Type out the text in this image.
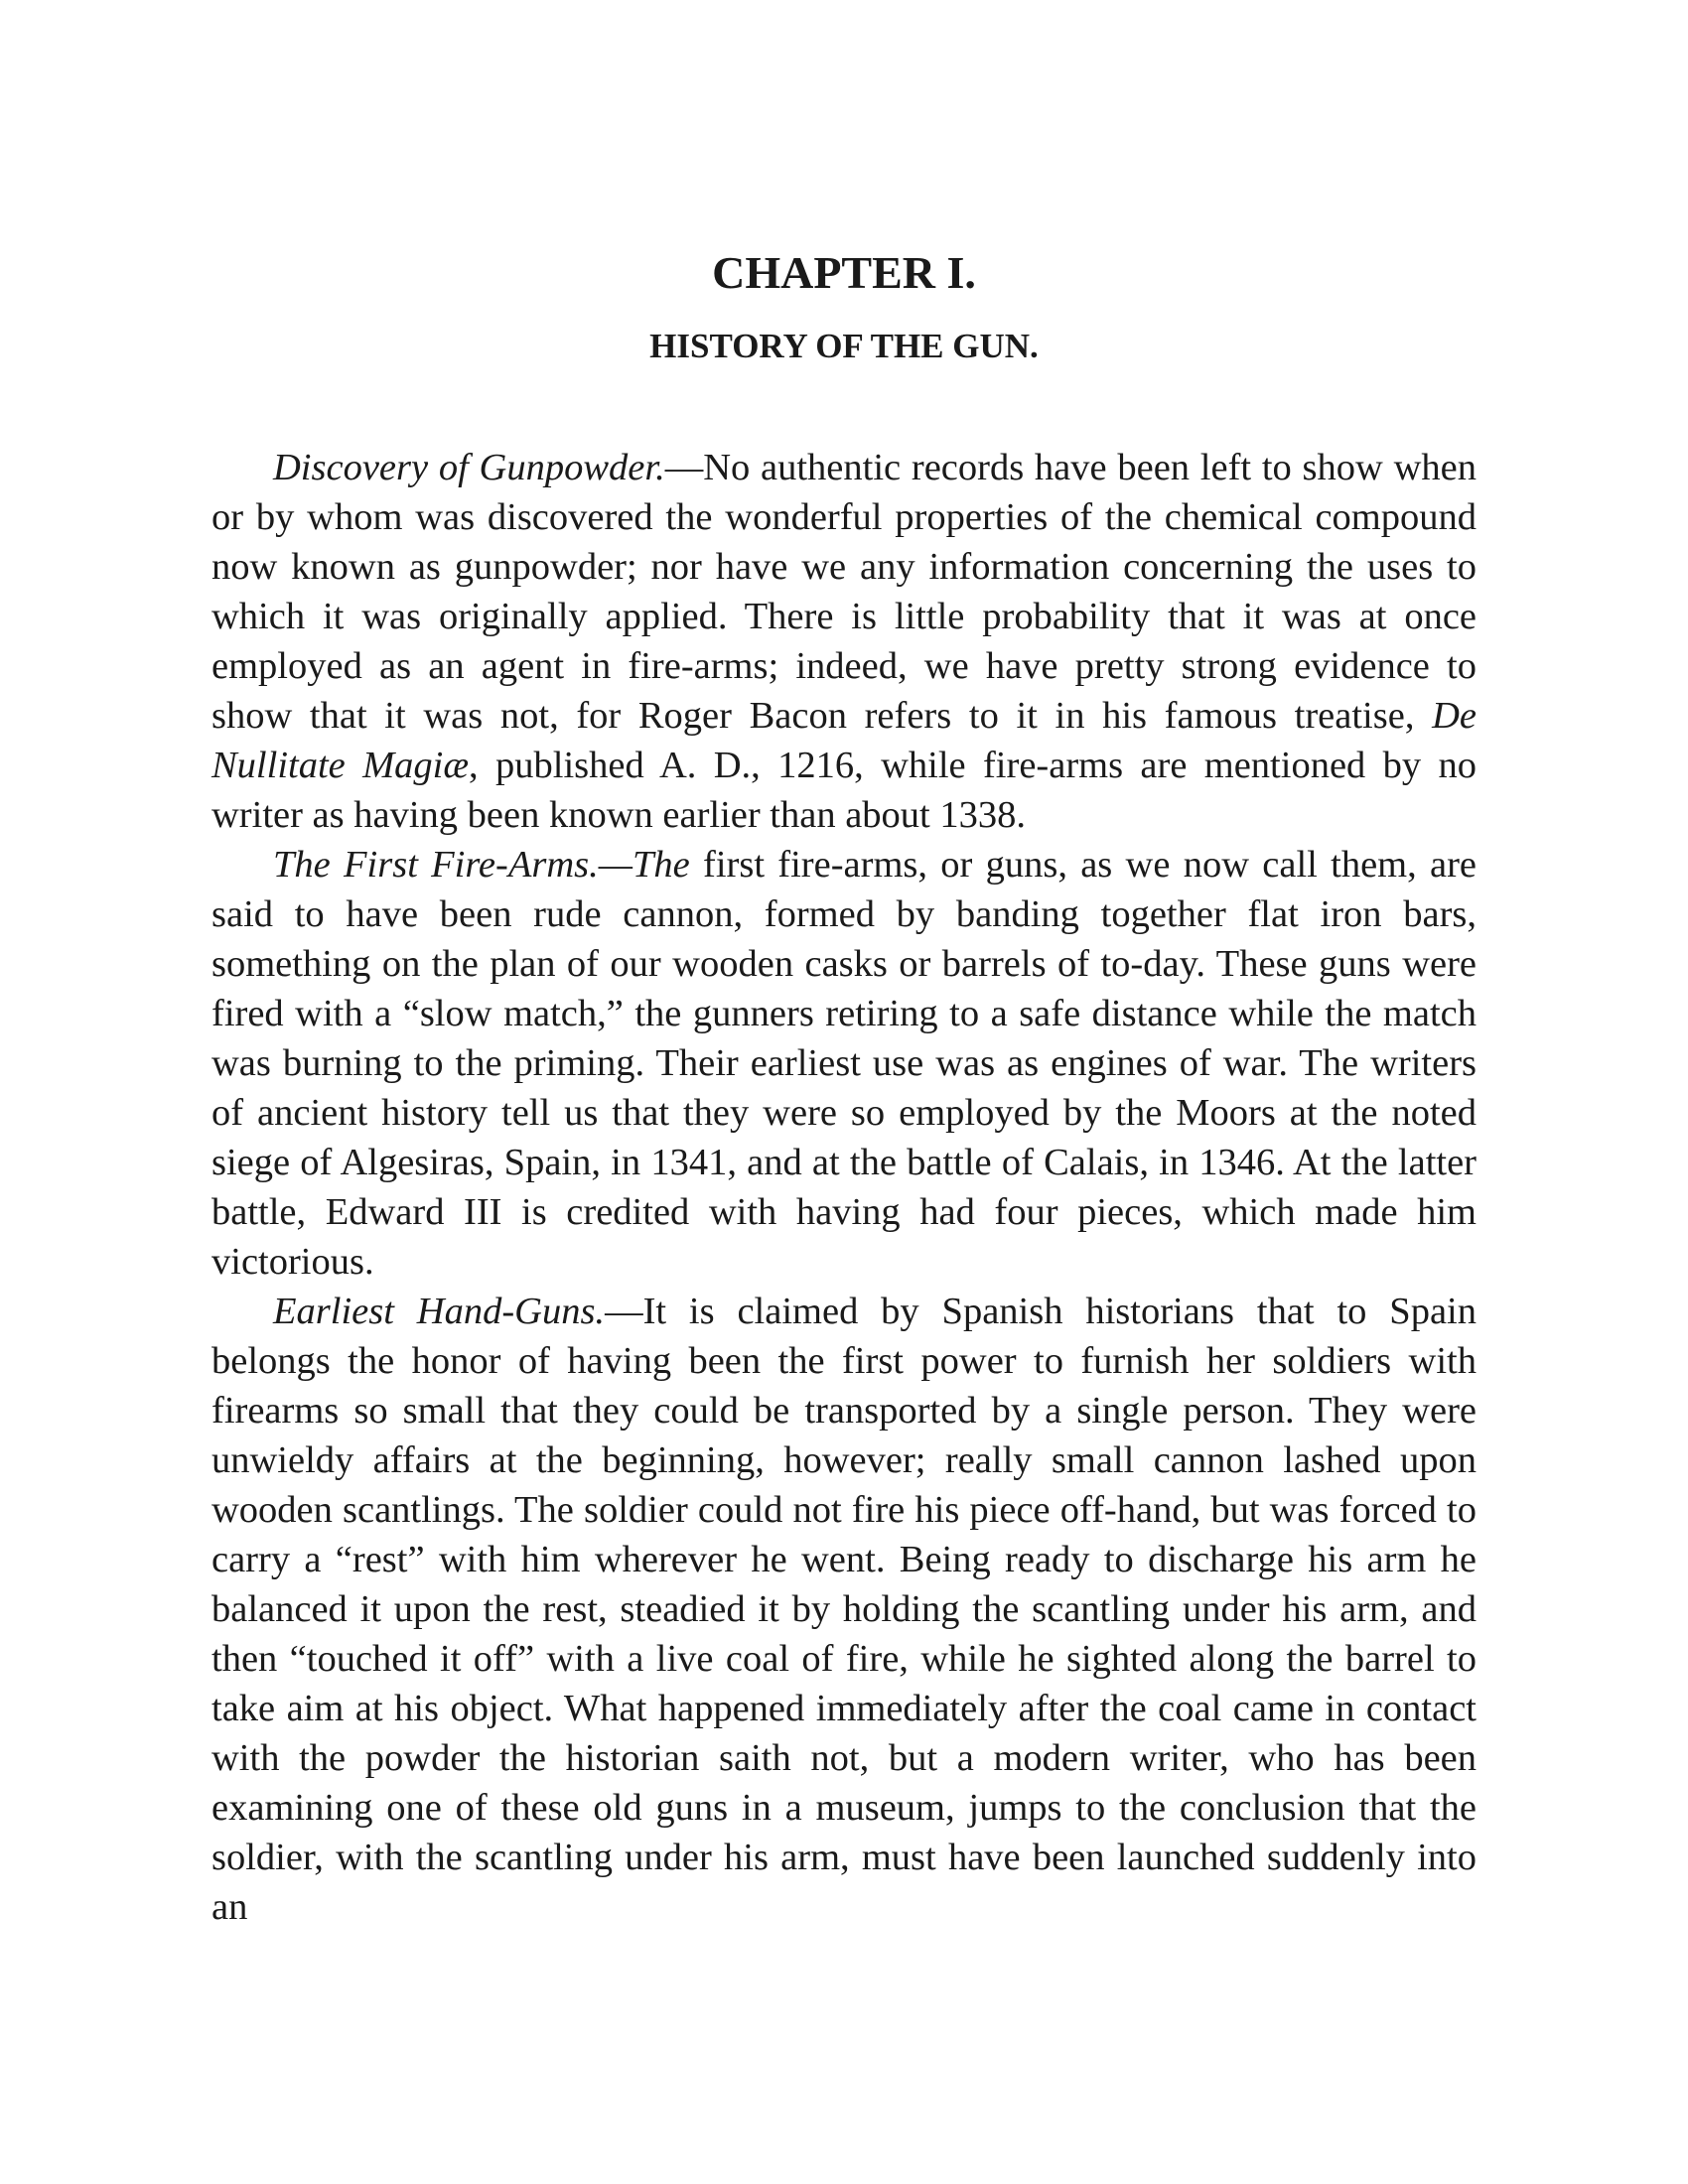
CHAPTER I.
HISTORY OF THE GUN.

Discovery of Gunpowder.—No authentic records have been left to show when or by whom was discovered the wonderful properties of the chemical compound now known as gunpowder; nor have we any information concerning the uses to which it was originally applied. There is little probability that it was at once employed as an agent in fire-arms; indeed, we have pretty strong evidence to show that it was not, for Roger Bacon refers to it in his famous treatise, De Nullitate Magiæ, published A. D., 1216, while fire-arms are mentioned by no writer as having been known earlier than about 1338.

The First Fire-Arms.—The first fire-arms, or guns, as we now call them, are said to have been rude cannon, formed by banding together flat iron bars, something on the plan of our wooden casks or barrels of to-day. These guns were fired with a “slow match,” the gunners retiring to a safe distance while the match was burning to the priming. Their earliest use was as engines of war. The writers of ancient history tell us that they were so employed by the Moors at the noted siege of Algesiras, Spain, in 1341, and at the battle of Calais, in 1346. At the latter battle, Edward III is credited with having had four pieces, which made him victorious.

Earliest Hand-Guns.—It is claimed by Spanish historians that to Spain belongs the honor of having been the first power to furnish her soldiers with firearms so small that they could be transported by a single person. They were unwieldy affairs at the beginning, however; really small cannon lashed upon wooden scantlings. The soldier could not fire his piece off-hand, but was forced to carry a “rest” with him wherever he went. Being ready to discharge his arm he balanced it upon the rest, steadied it by holding the scantling under his arm, and then “touched it off” with a live coal of fire, while he sighted along the barrel to take aim at his object. What happened immediately after the coal came in contact with the powder the historian saith not, but a modern writer, who has been examining one of these old guns in a museum, jumps to the conclusion that the soldier, with the scantling under his arm, must have been launched suddenly into an
